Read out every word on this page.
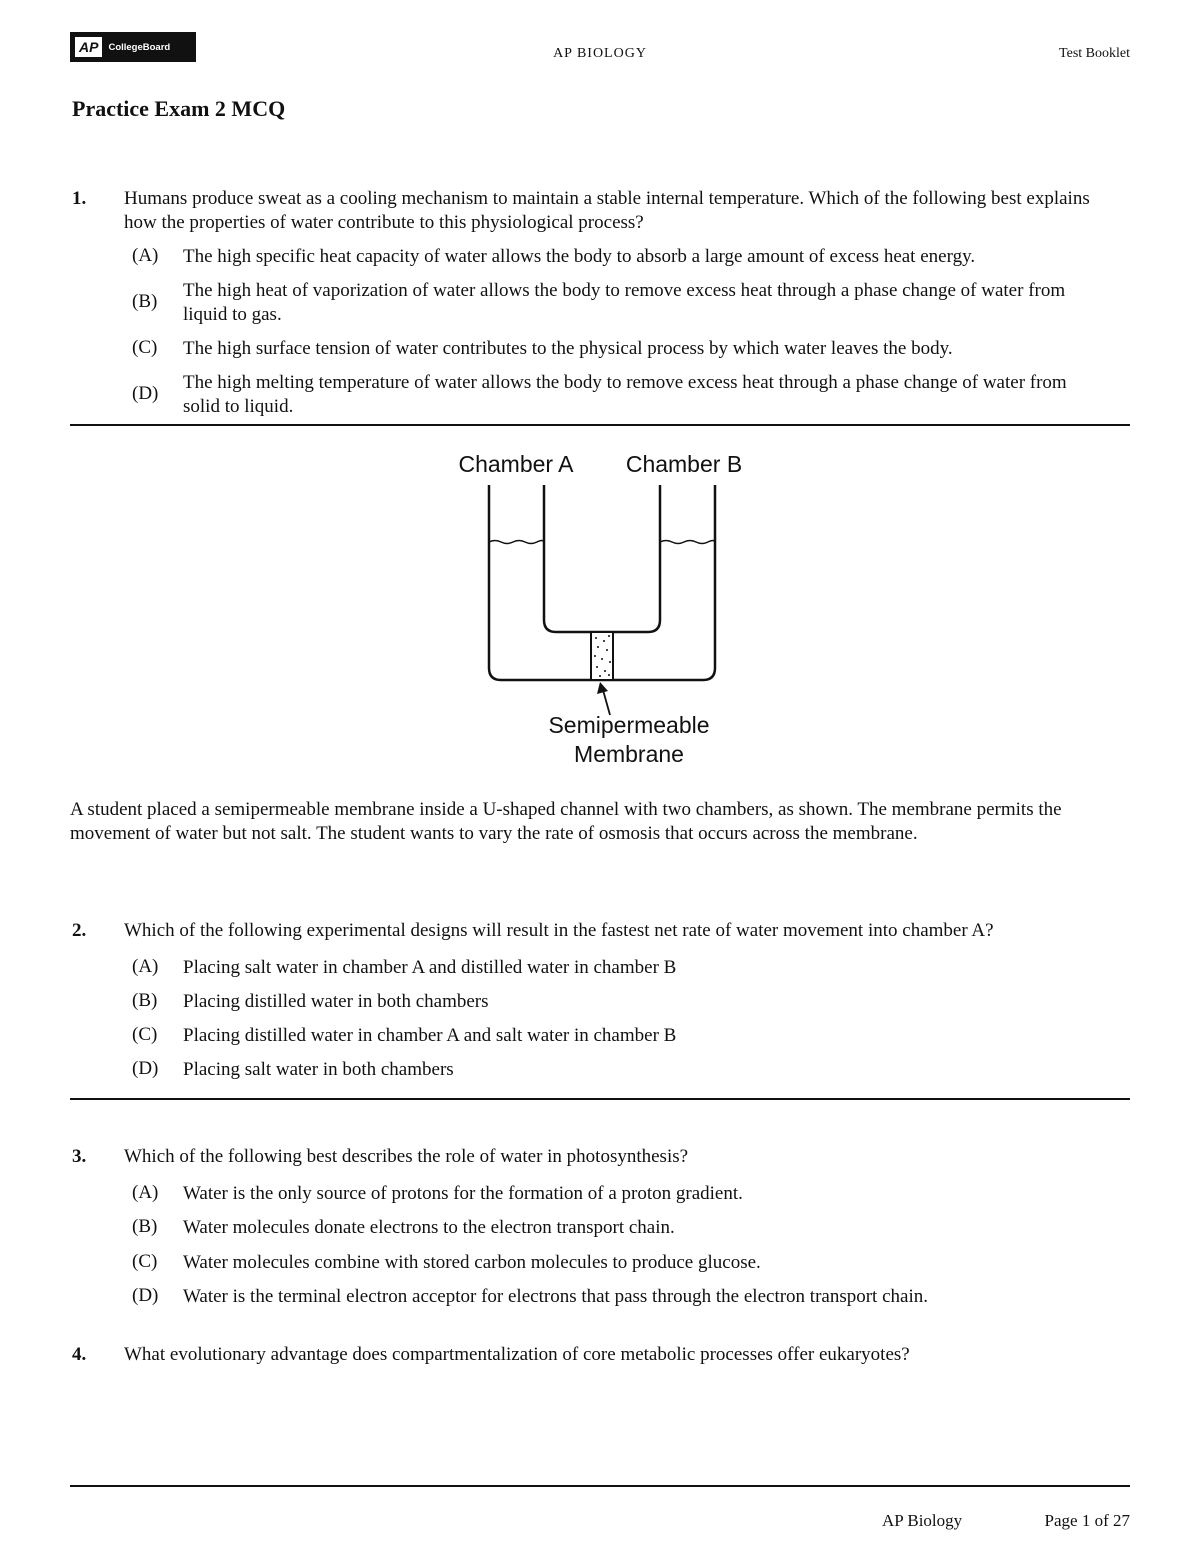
AP	CollegeBoard	AP BIOLOGY	Test Booklet
Practice Exam 2 MCQ
1. Humans produce sweat as a cooling mechanism to maintain a stable internal temperature. Which of the following best explains how the properties of water contribute to this physiological process?
(A) The high specific heat capacity of water allows the body to absorb a large amount of excess heat energy.
(B)
The high heat of vaporization of water allows the body to remove excess heat through a phase change of water from liquid to gas.
(C) The high surface tension of water contributes to the physical process by which water leaves the body.
(D)
The high melting temperature of water allows the body to remove excess heat through a phase change of water from solid to liquid.
Chamber A Chamber B
Semipermeable
Membrane
A student placed a semipermeable membrane inside a U-shaped channel with two chambers, as shown. The membrane permits the movement of water but not salt. The student wants to vary the rate of osmosis that occurs across the membrane.
2. Which of the following experimental designs will result in the fastest net rate of water movement into chamber A?
(A) Placing salt water in chamber A and distilled water in chamber B
(B) Placing distilled water in both chambers
(C) Placing distilled water in chamber A and salt water in chamber B
(D) Placing salt water in both chambers
3. Which of the following best describes the role of water in photosynthesis?
(A) Water is the only source of protons for the formation of a proton gradient.
(B) Water molecules donate electrons to the electron transport chain.
(C) Water molecules combine with stored carbon molecules to produce glucose.
(D) Water is the terminal electron acceptor for electrons that pass through the electron transport chain.
4. What evolutionary advantage does compartmentalization of core metabolic processes offer eukaryotes?
AP Biology	Page 1 of 27
